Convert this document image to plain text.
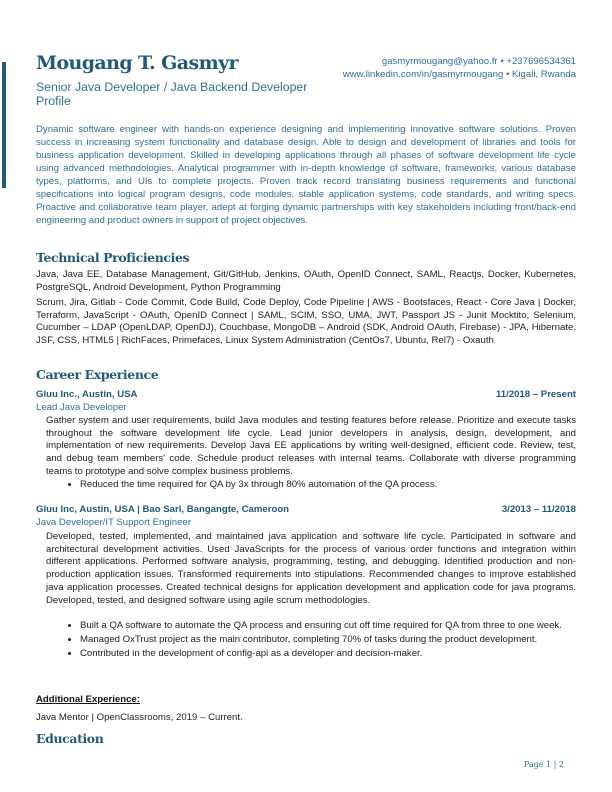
Mougang T. Gasmyr
Senior Java Developer / Java Backend Developer Profile
gasmyrmougang@yahoo.fr • +237696534361
www.linkedin.com/in/gasmyrmougang • Kigali, Rwanda
Dynamic software engineer with hands-on experience designing and implementing innovative software solutions. Proven success in increasing system functionality and database design. Able to design and development of libraries and tools for business application development. Skilled in developing applications through all phases of software development life cycle using advanced methodologies. Analytical programmer with in-depth knowledge of software, frameworks, various database types, platforms, and UIs to complete projects. Proven track record translating business requirements and functional specifications into logical program designs, code modules, stable application systems, code standards, and writing specs. Proactive and collaborative team player, adept at forging dynamic partnerships with key stakeholders including front/back-end engineering and product owners in support of project objectives.
Technical Proficiencies
Java, Java EE, Database Management, Git/GitHub, Jenkins, OAuth, OpenID Connect, SAML, Reactjs, Docker, Kubernetes, PostgreSQL, Android Development, Python Programming
Scrum, Jira, Gitlab - Code Commit, Code Build, Code Deploy, Code Pipeline | AWS - Bootsfaces, React - Core Java | Docker, Terraform, JavaScript - OAuth, OpenID Connect | SAML, SCIM, SSO, UMA, JWT, Passport JS - Junit Mocktito, Selenium, Cucumber – LDAP (OpenLDAP, OpenDJ), Couchbase, MongoDB – Android (SDK, Android OAuth, Firebase) - JPA, Hibernate, JSF, CSS, HTML5 | RichFaces, Primefaces, Linux System Administration (CentOs7, Ubuntu, Rel7) - Oxauth
Career Experience
Gluu Inc., Austin, USA	11/2018 – Present
Lead Java Developer
Gather system and user requirements, build Java modules and testing features before release. Prioritize and execute tasks throughout the software development life cycle. Lead junior developers in analysis, design, development, and implementation of new requirements. Develop Java EE applications by writing well-designed, efficient code. Review, test, and debug team members' code. Schedule product releases with internal teams. Collaborate with diverse programming teams to prototype and solve complex business problems.
• Reduced the time required for QA by 3x through 80% automation of the QA process.
Gluu Inc, Austin, USA | Bao Sarl, Bangangte, Cameroon	3/2013 – 11/2018
Java Developer/IT Support Engineer
Developed, tested, implemented, and maintained java application and software life cycle. Participated in software and architectural development activities. Used JavaScripts for the process of various order functions and integration within different applications. Performed software analysis, programming, testing, and debugging. Identified production and non-production application issues. Transformed requirements into stipulations. Recommended changes to improve established java application processes. Created technical designs for application development and application code for java programs. Developed, tested, and designed software using agile scrum methodologies.
• Built a QA software to automate the QA process and ensuring cut off time required for QA from three to one week.
• Managed OxTrust project as the main contributor, completing 70% of tasks during the product development.
• Contributed in the development of config-api as a developer and decision-maker.
Additional Experience:
Java Mentor | OpenClassrooms, 2019 – Current.
Education
Page 1 | 2
